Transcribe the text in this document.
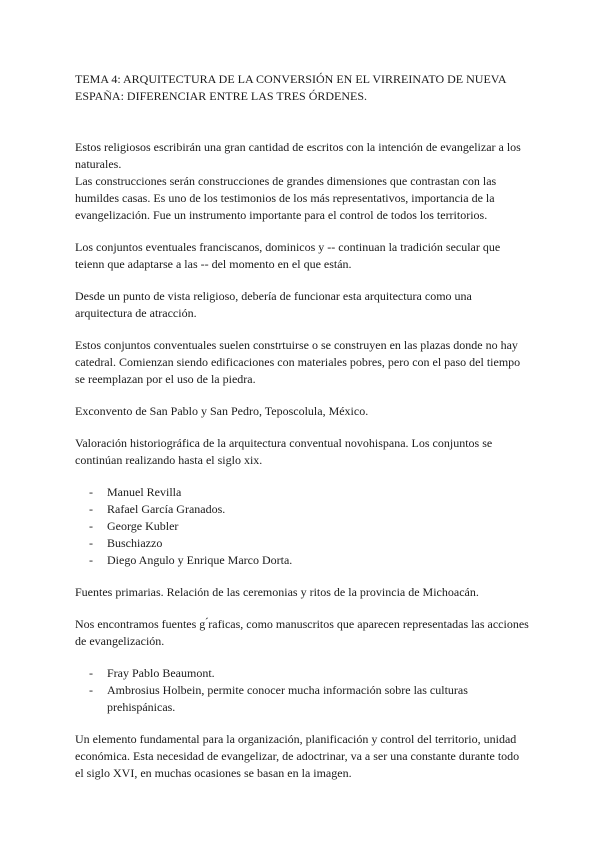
TEMA 4: ARQUITECTURA DE LA CONVERSIÓN EN EL VIRREINATO DE NUEVA ESPAÑA: DIFERENCIAR ENTRE LAS TRES ÓRDENES.

Estos religiosos escribirán una gran cantidad de escritos con la intención de evangelizar a los naturales.

Las construcciones serán construcciones de grandes dimensiones que contrastan con las humildes casas. Es uno de los testimonios de los más representativos, importancia de la evangelización. Fue un instrumento importante para el control de todos los territorios.

Los conjuntos eventuales franciscanos, dominicos y -- continuan la tradición secular que teienn que adaptarse a las -- del momento en el que están.

Desde un punto de vista religioso, debería de funcionar esta arquitectura como una arquitectura de atracción.

Estos conjuntos conventuales suelen constrtuirse o se construyen en las plazas donde no hay catedral. Comienzan siendo edificaciones con materiales pobres, pero con el paso del tiempo se reemplazan por el uso de la piedra.

Exconvento de San Pablo y San Pedro, Teposcolula, México.

Valoración historiográfica de la arquitectura conventual novohispana. Los conjuntos se continúan realizando hasta el siglo xix.

- Manuel Revilla
- Rafael García Granados.
- George Kubler
- Buschiazzo
- Diego Angulo y Enrique Marco Dorta.

Fuentes primarias. Relación de las ceremonias y ritos de la provincia de Michoacán.

Nos encontramos fuentes g ́raficas, como manuscritos que aparecen representadas las acciones de evangelización.

- Fray Pablo Beaumont.
- Ambrosius Holbein, permite conocer mucha información sobre las culturas prehispánicas.

Un elemento fundamental para la organización, planificación y control del territorio, unidad económica. Esta necesidad de evangelizar, de adoctrinar, va a ser una constante durante todo el siglo XVI, en muchas ocasiones se basan en la imagen.
